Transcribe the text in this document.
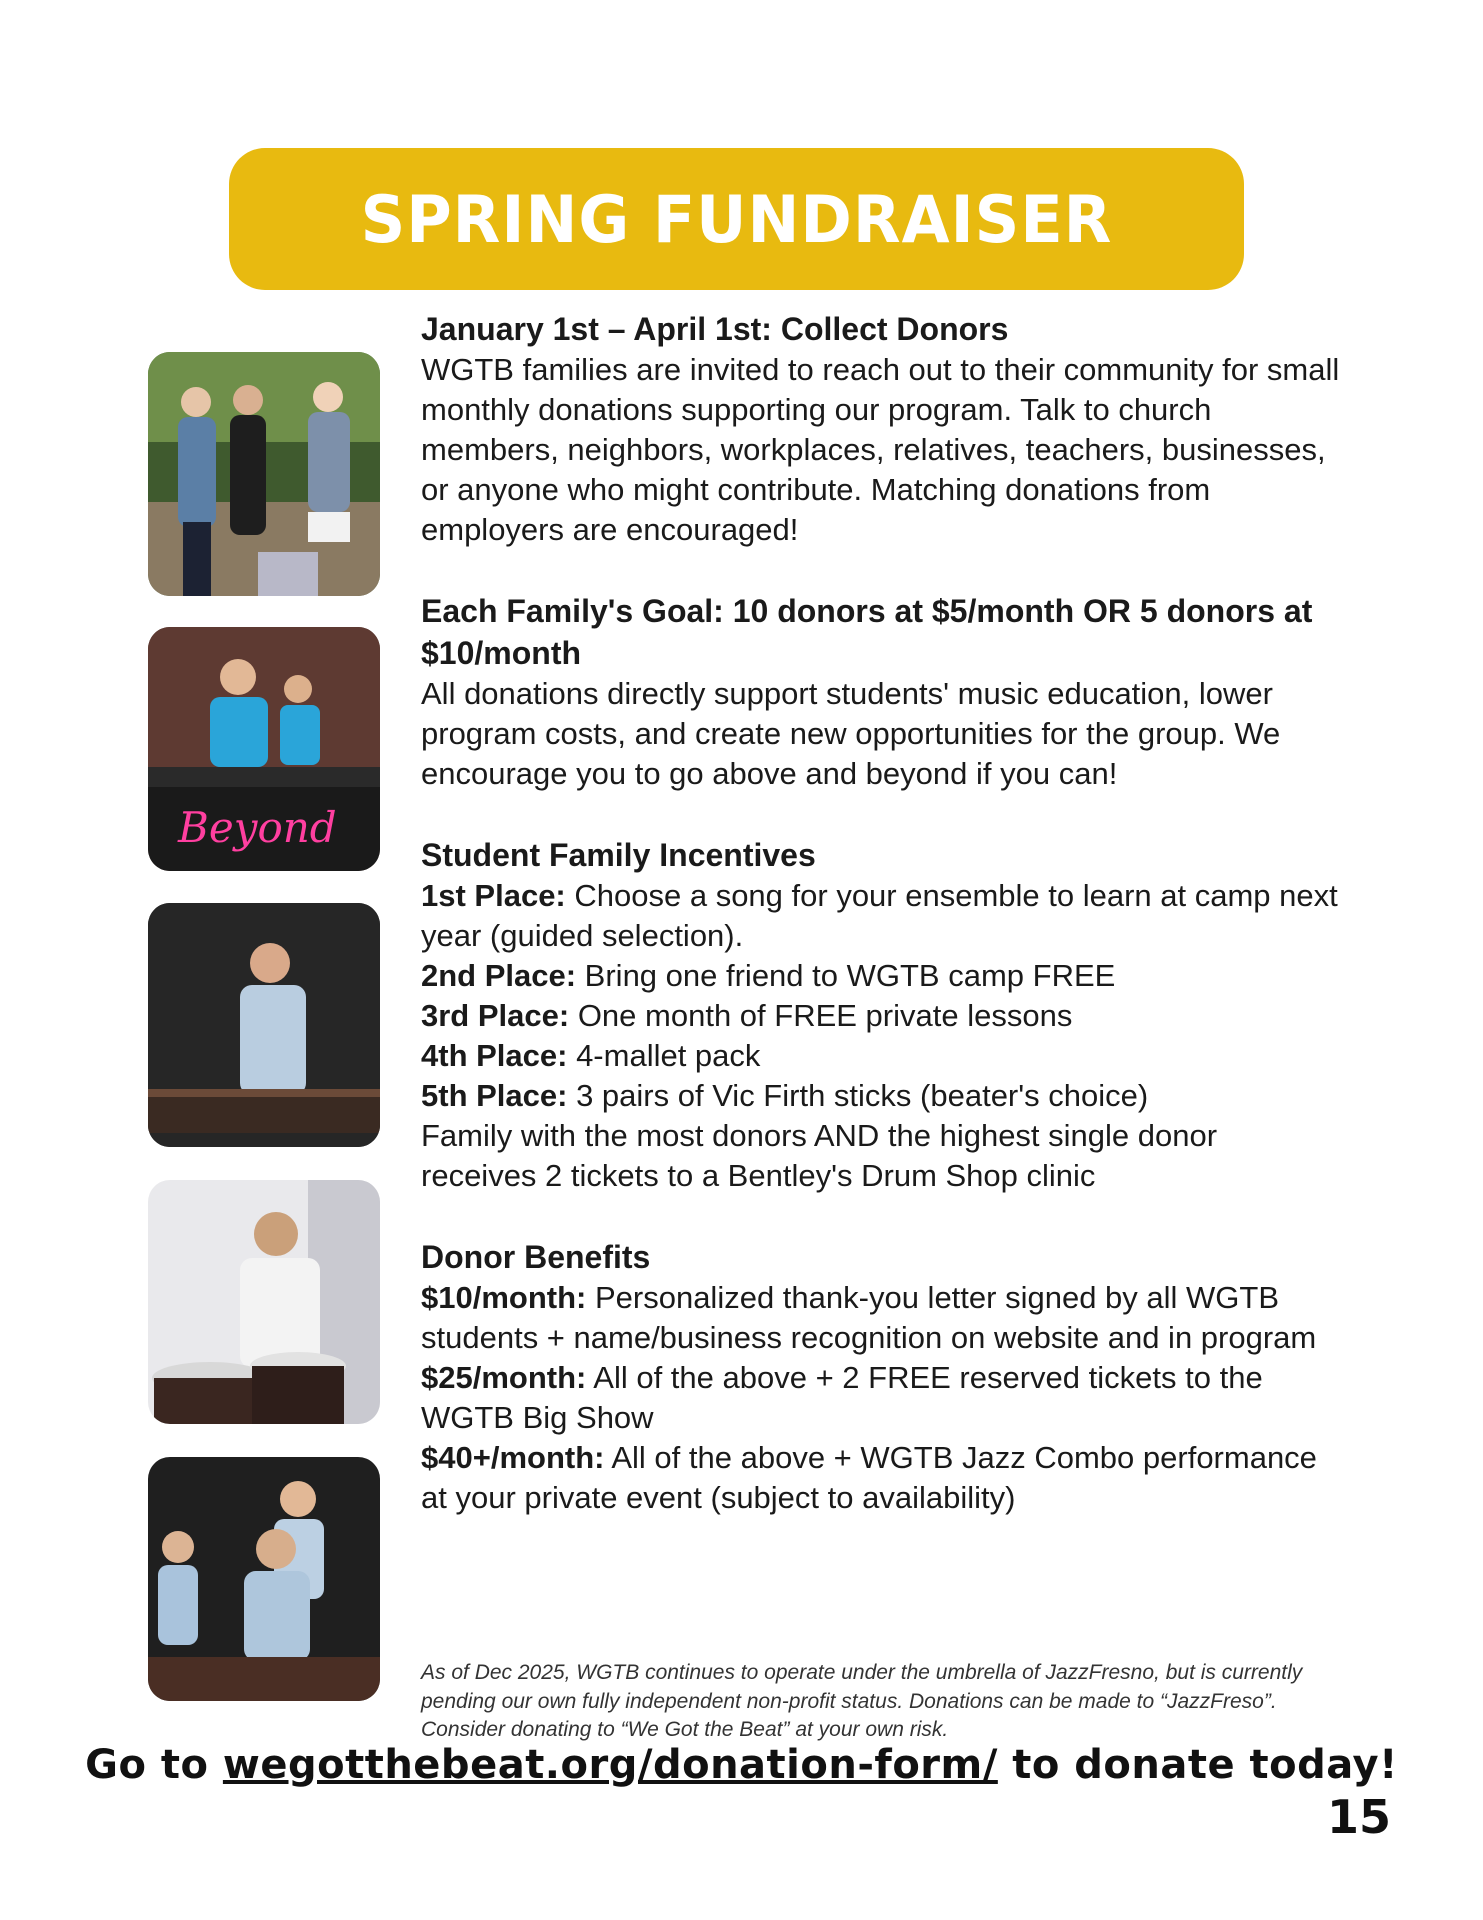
SPRING FUNDRAISER
Beyond
January 1st – April 1st: Collect Donors

WGTB families are invited to reach out to their community for small monthly donations supporting our program. Talk to church members, neighbors, workplaces, relatives, teachers, businesses, or anyone who might contribute. Matching donations from employers are encouraged!

Each Family's Goal: 10 donors at $5/month OR 5 donors at $10/month

All donations directly support students' music education, lower program costs, and create new opportunities for the group. We encourage you to go above and beyond if you can!

Student Family Incentives

1st Place: Choose a song for your ensemble to learn at camp next year (guided selection).

2nd Place: Bring one friend to WGTB camp FREE

3rd Place: One month of FREE private lessons

4th Place: 4-mallet pack

5th Place: 3 pairs of Vic Firth sticks (beater's choice)

Family with the most donors AND the highest single donor receives 2 tickets to a Bentley's Drum Shop clinic

Donor Benefits

$10/month: Personalized thank-you letter signed by all WGTB students + name/business recognition on website and in program

$25/month: All of the above + 2 FREE reserved tickets to the WGTB Big Show

$40+/month: All of the above + WGTB Jazz Combo performance at your private event (subject to availability)

As of Dec 2025, WGTB continues to operate under the umbrella of JazzFresno, but is currently pending our own fully independent non-profit status. Donations can be made to “JazzFreso”. Consider donating to “We Got the Beat” at your own risk.

Go to wegotthebeat.org/donation-form/ to donate today!
15
